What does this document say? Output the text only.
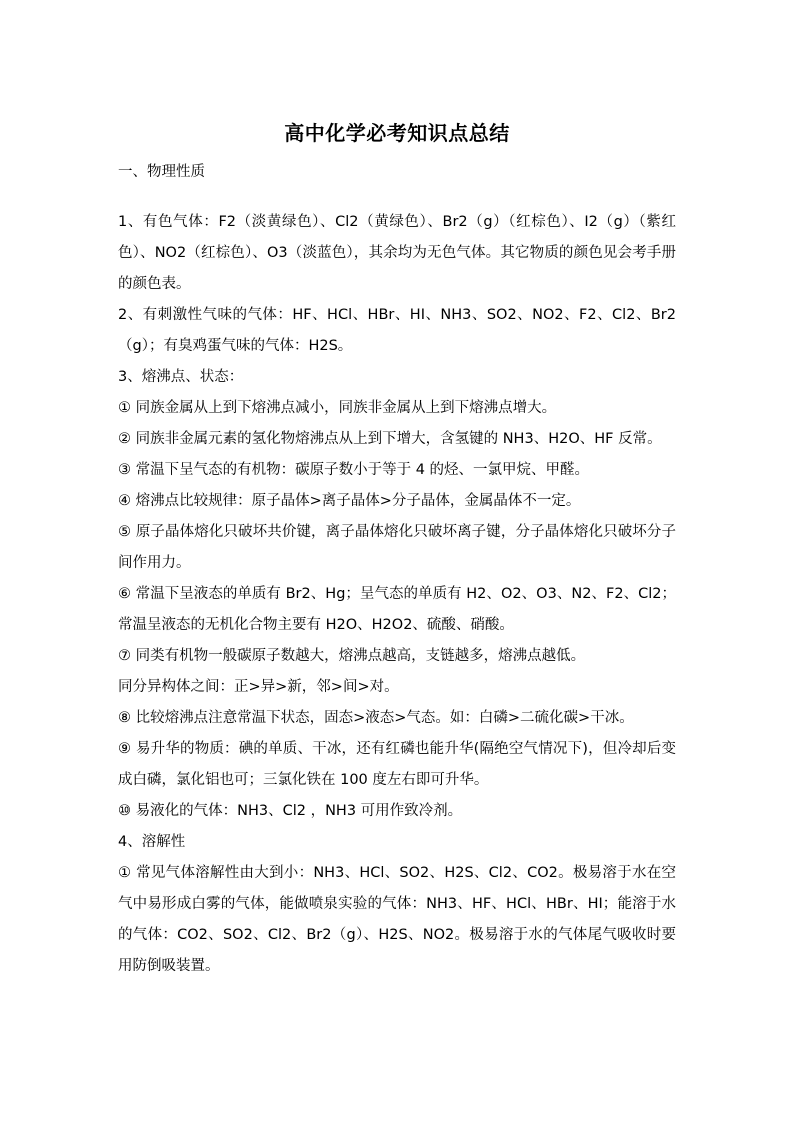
高中化学必考知识点总结

一、物理性质

1、有色气体：F2（淡黄绿色）、Cl2（黄绿色）、Br2（g）（红棕色）、I2（g）（紫红色）、NO2（红棕色）、O3（淡蓝色），其余均为无色气体。其它物质的颜色见会考手册的颜色表。

2、有刺激性气味的气体：HF、HCl、HBr、HI、NH3、SO2、NO2、F2、Cl2、Br2（g）；有臭鸡蛋气味的气体：H2S。

3、熔沸点、状态：

① 同族金属从上到下熔沸点减小，同族非金属从上到下熔沸点增大。

② 同族非金属元素的氢化物熔沸点从上到下增大，含氢键的 NH3、H2O、HF 反常。

③ 常温下呈气态的有机物：碳原子数小于等于 4 的烃、一氯甲烷、甲醛。

④ 熔沸点比较规律：原子晶体>离子晶体>分子晶体，金属晶体不一定。

⑤ 原子晶体熔化只破坏共价键，离子晶体熔化只破坏离子键，分子晶体熔化只破坏分子间作用力。

⑥ 常温下呈液态的单质有 Br2、Hg；呈气态的单质有 H2、O2、O3、N2、F2、Cl2；常温呈液态的无机化合物主要有 H2O、H2O2、硫酸、硝酸。

⑦ 同类有机物一般碳原子数越大，熔沸点越高，支链越多，熔沸点越低。

同分异构体之间：正>异>新，邻>间>对。

⑧ 比较熔沸点注意常温下状态，固态>液态>气态。如：白磷>二硫化碳>干冰。

⑨ 易升华的物质：碘的单质、干冰，还有红磷也能升华(隔绝空气情况下)，但冷却后变成白磷，氯化铝也可；三氯化铁在 100 度左右即可升华。

⑩ 易液化的气体：NH3、Cl2 ，NH3 可用作致冷剂。

4、溶解性

① 常见气体溶解性由大到小：NH3、HCl、SO2、H2S、Cl2、CO2。极易溶于水在空气中易形成白雾的气体，能做喷泉实验的气体：NH3、HF、HCl、HBr、HI；能溶于水的气体：CO2、SO2、Cl2、Br2（g）、H2S、NO2。极易溶于水的气体尾气吸收时要用防倒吸装置。
